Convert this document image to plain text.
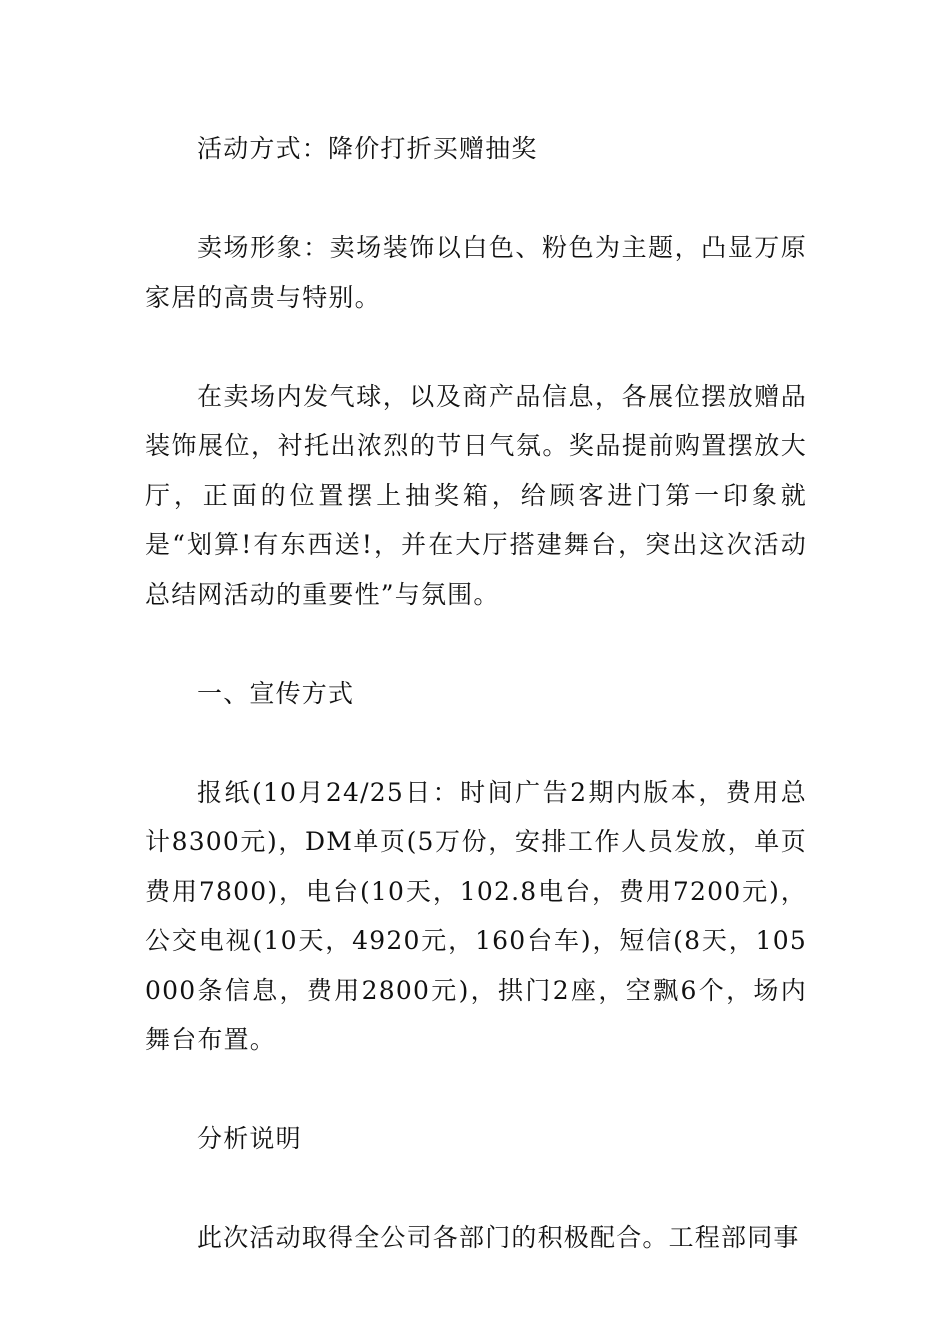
活动方式：降价打折买赠抽奖

卖场形象：卖场装饰以白色、粉色为主题，凸显万原家居的高贵与特别。

在卖场内发气球，以及商产品信息，各展位摆放赠品装饰展位，衬托出浓烈的节日气氛。奖品提前购置摆放大厅，正面的位置摆上抽奖箱，给顾客进门第一印象就是“划算!有东西送!，并在大厅搭建舞台，突出这次活动总结网活动的重要性”与氛围。

一、宣传方式

报纸(10月24/25日：时间广告2期内版本，费用总计8300元)，DM单页(5万份，安排工作人员发放，单页费用7800)，电台(10天，102.8电台，费用7200元)，公交电视(10天，4920元，160台车)，短信(8天，105000条信息，费用2800元)，拱门2座，空飘6个，场内舞台布置。

分析说明

此次活动取得全公司各部门的积极配合。工程部同事
